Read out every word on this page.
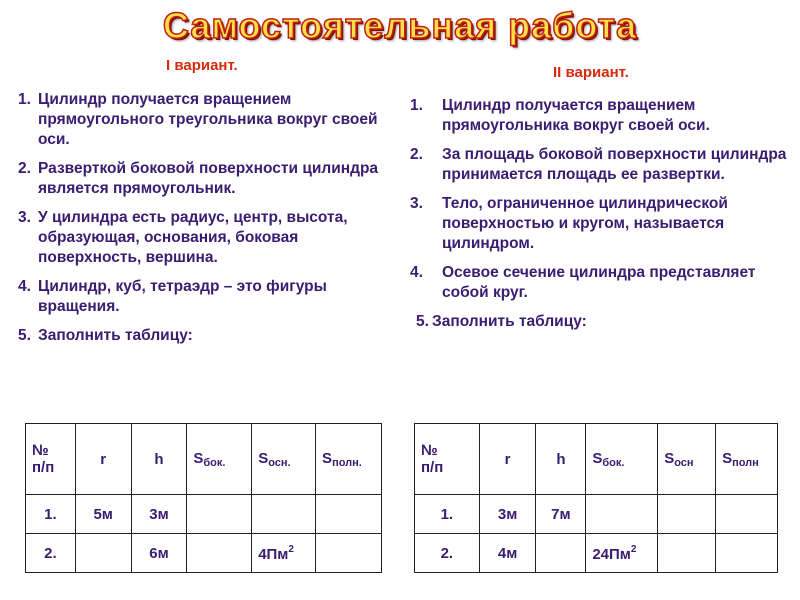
Самостоятельная работа
I вариант.	II вариант.
1. Цилиндр получается вращением прямоугольного треугольника вокруг своей оси.
2. Разверткой боковой поверхности цилиндра является прямоугольник.
3. У цилиндра есть радиус, центр, высота, образующая, основания, боковая поверхность, вершина.
4. Цилиндр, куб, тетраэдр – это фигуры вращения.
5. Заполнить таблицу:
1.	Цилиндр получается вращением прямоугольника вокруг своей оси.
2.	За площадь боковой поверхности цилиндра принимается площадь ее развертки.
3.	Тело, ограниченное цилиндрической поверхностью и кругом, называется цилиндром.
4.	Осевое сечение цилиндра представляет собой круг.
5. Заполнить таблицу:
№
п/п	r	h	$S_{бок.}$	$S_{осн.}$	$S_{полн.}$
1.	5м	3м			
2.		6м		$4Пм^2$	
№
п/п	r	h	$S_{бок.}$	$S_{осн}$	$S_{полн}$
1.	3м	7м			
2.	4м		$24Пм^2$		
